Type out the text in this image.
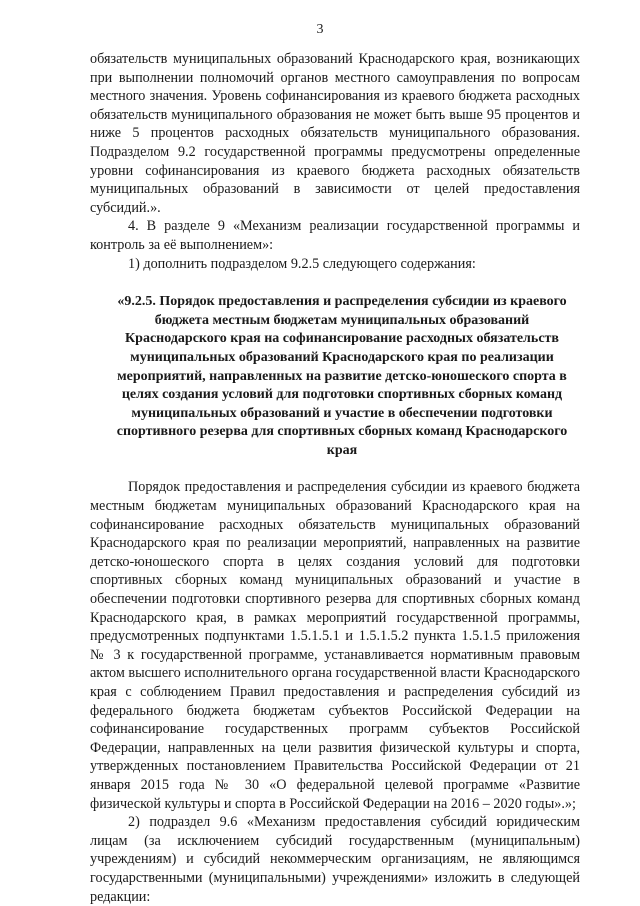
3

обязательств муниципальных образований Краснодарского края, возникающих при выполнении полномочий органов местного самоуправления по вопросам местного значения. Уровень софинансирования из краевого бюджета расходных обязательств муниципального образования не может быть выше 95 процентов и ниже 5 процентов расходных обязательств муниципального образования. Подразделом 9.2 государственной программы предусмотрены определенные уровни софинансирования из краевого бюджета расходных обязательств муниципальных образований в зависимости от целей предоставления субсидий.».

4. В разделе 9 «Механизм реализации государственной программы и контроль за её выполнением»:

1) дополнить подразделом 9.2.5 следующего содержания:

«9.2.5. Порядок предоставления и распределения субсидии из краевого бюджета местным бюджетам муниципальных образований Краснодарского края на софинансирование расходных обязательств муниципальных образований Краснодарского края по реализации мероприятий, направленных на развитие детско-юношеского спорта в целях создания условий для подготовки спортивных сборных команд муниципальных образований и участие в обеспечении подготовки спортивного резерва для спортивных сборных команд Краснодарского края

Порядок предоставления и распределения субсидии из краевого бюджета местным бюджетам муниципальных образований Краснодарского края на софинансирование расходных обязательств муниципальных образований Краснодарского края по реализации мероприятий, направленных на развитие детско-юношеского спорта в целях создания условий для подготовки спортивных сборных команд муниципальных образований и участие в обеспечении подготовки спортивного резерва для спортивных сборных команд Краснодарского края, в рамках мероприятий государственной программы, предусмотренных подпунктами 1.5.1.5.1 и 1.5.1.5.2 пункта 1.5.1.5 приложения № 3 к государственной программе, устанавливается нормативным правовым актом высшего исполнительного органа государственной власти Краснодарского края с соблюдением Правил предоставления и распределения субсидий из федерального бюджета бюджетам субъектов Российской Федерации на софинансирование государственных программ субъектов Российской Федерации, направленных на цели развития физической культуры и спорта, утвержденных постановлением Правительства Российской Федерации от 21 января 2015 года № 30 «О федеральной целевой программе «Развитие физической культуры и спорта в Российской Федерации на 2016 – 2020 годы».»;

2) подраздел 9.6 «Механизм предоставления субсидий юридическим лицам (за исключением субсидий государственным (муниципальным) учреждениям) и субсидий некоммерческим организациям, не являющимся государственными (муниципальными) учреждениями» изложить в следующей редакции:
